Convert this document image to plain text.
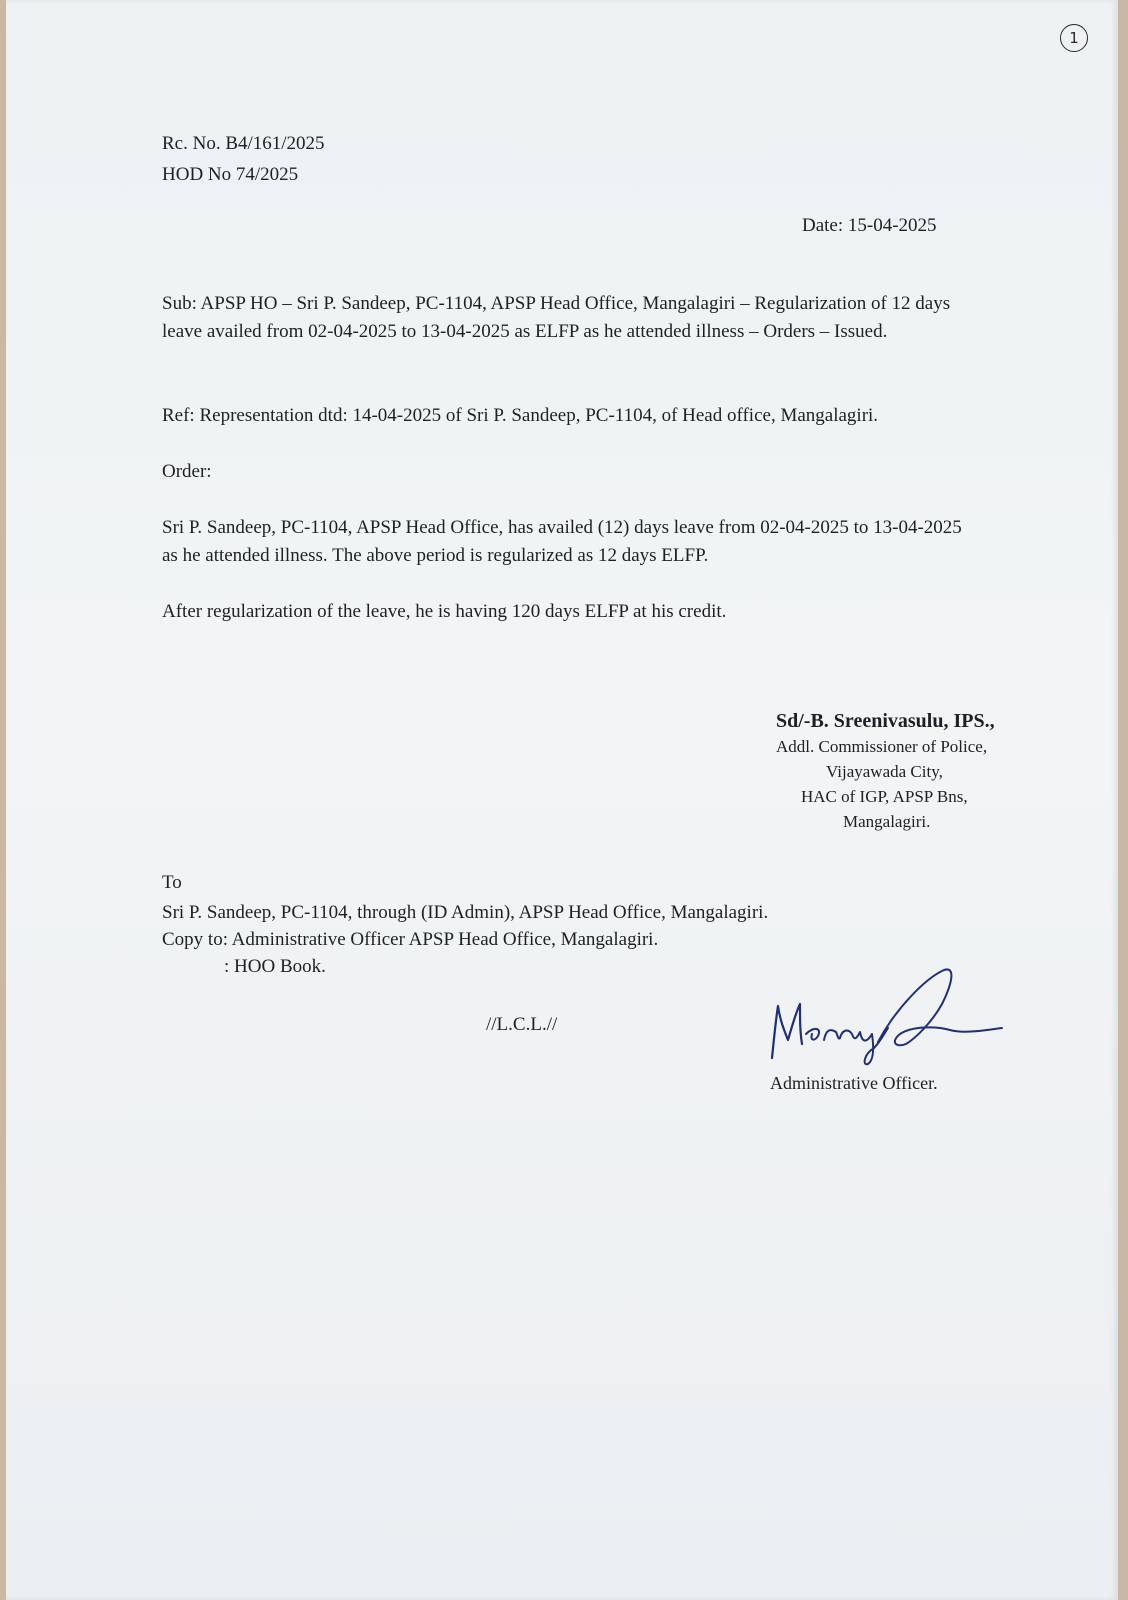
1

Rc. No. B4/161/2025

HOD No 74/2025

Date: 15-04-2025

Sub: APSP HO – Sri P. Sandeep, PC-1104, APSP Head Office, Mangalagiri – Regularization of 12 days leave availed from 02-04-2025 to 13-04-2025 as ELFP as he attended illness – Orders – Issued.

Ref: Representation dtd: 14-04-2025 of Sri P. Sandeep, PC-1104, of Head office, Mangalagiri.

Order:

Sri P. Sandeep, PC-1104, APSP Head Office, has availed (12) days leave from 02-04-2025 to 13-04-2025 as he attended illness. The above period is regularized as 12 days ELFP.

After regularization of the leave, he is having 120 days ELFP at his credit.

Sd/-B. Sreenivasulu, IPS.,
Addl. Commissioner of Police,
Vijayawada City,
HAC of IGP, APSP Bns,
Mangalagiri.

To

Sri P. Sandeep, PC-1104, through (ID Admin), APSP Head Office, Mangalagiri.

Copy to: Administrative Officer APSP Head Office, Mangalagiri.

: HOO Book.

//L.C.L.//

Administrative Officer.
